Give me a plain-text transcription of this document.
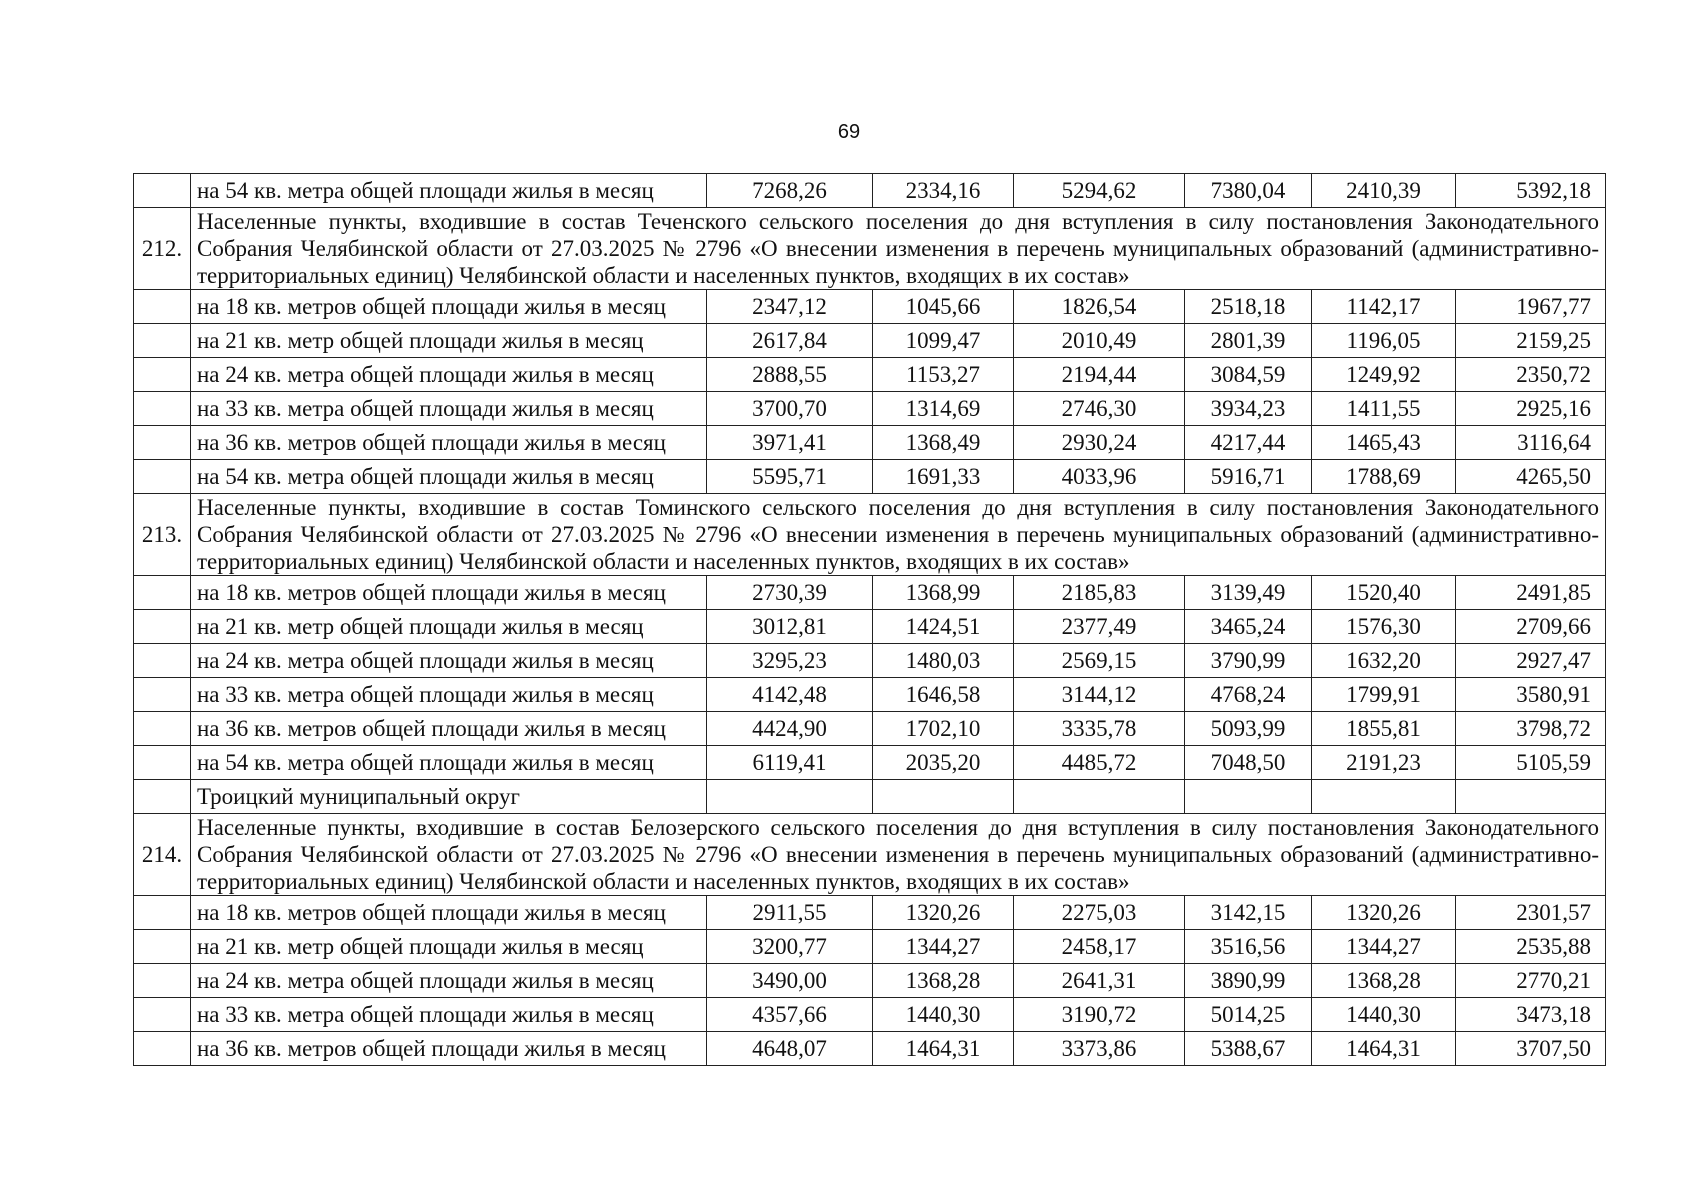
69
	на 54 кв. метра общей площади жилья в месяц	7268,26	2334,16	5294,62	7380,04	2410,39	5392,18
212.	Населенные пункты, входившие в состав Теченского сельского поселения до дня вступления в силу постановления Законодательного Собрания Челябинской области от 27.03.2025 № 2796 «О внесении изменения в перечень муниципальных образований (административно-территориальных единиц) Челябинской области и населенных пунктов, входящих в их состав»						
	на 18 кв. метров общей площади жилья в месяц	2347,12	1045,66	1826,54	2518,18	1142,17	1967,77
	на 21 кв. метр общей площади жилья в месяц	2617,84	1099,47	2010,49	2801,39	1196,05	2159,25
	на 24 кв. метра общей площади жилья в месяц	2888,55	1153,27	2194,44	3084,59	1249,92	2350,72
	на 33 кв. метра общей площади жилья в месяц	3700,70	1314,69	2746,30	3934,23	1411,55	2925,16
	на 36 кв. метров общей площади жилья в месяц	3971,41	1368,49	2930,24	4217,44	1465,43	3116,64
	на 54 кв. метра общей площади жилья в месяц	5595,71	1691,33	4033,96	5916,71	1788,69	4265,50
213.	Населенные пункты, входившие в состав Томинского сельского поселения до дня вступления в силу постановления Законодательного Собрания Челябинской области от 27.03.2025 № 2796 «О внесении изменения в перечень муниципальных образований (административно-территориальных единиц) Челябинской области и населенных пунктов, входящих в их состав»						
	на 18 кв. метров общей площади жилья в месяц	2730,39	1368,99	2185,83	3139,49	1520,40	2491,85
	на 21 кв. метр общей площади жилья в месяц	3012,81	1424,51	2377,49	3465,24	1576,30	2709,66
	на 24 кв. метра общей площади жилья в месяц	3295,23	1480,03	2569,15	3790,99	1632,20	2927,47
	на 33 кв. метра общей площади жилья в месяц	4142,48	1646,58	3144,12	4768,24	1799,91	3580,91
	на 36 кв. метров общей площади жилья в месяц	4424,90	1702,10	3335,78	5093,99	1855,81	3798,72
	на 54 кв. метра общей площади жилья в месяц	6119,41	2035,20	4485,72	7048,50	2191,23	5105,59
	Троицкий муниципальный округ						
214.	Населенные пункты, входившие в состав Белозерского сельского поселения до дня вступления в силу постановления Законодательного Собрания Челябинской области от 27.03.2025 № 2796 «О внесении изменения в перечень муниципальных образований (административно-территориальных единиц) Челябинской области и населенных пунктов, входящих в их состав»						
	на 18 кв. метров общей площади жилья в месяц	2911,55	1320,26	2275,03	3142,15	1320,26	2301,57
	на 21 кв. метр общей площади жилья в месяц	3200,77	1344,27	2458,17	3516,56	1344,27	2535,88
	на 24 кв. метра общей площади жилья в месяц	3490,00	1368,28	2641,31	3890,99	1368,28	2770,21
	на 33 кв. метра общей площади жилья в месяц	4357,66	1440,30	3190,72	5014,25	1440,30	3473,18
	на 36 кв. метров общей площади жилья в месяц	4648,07	1464,31	3373,86	5388,67	1464,31	3707,50
